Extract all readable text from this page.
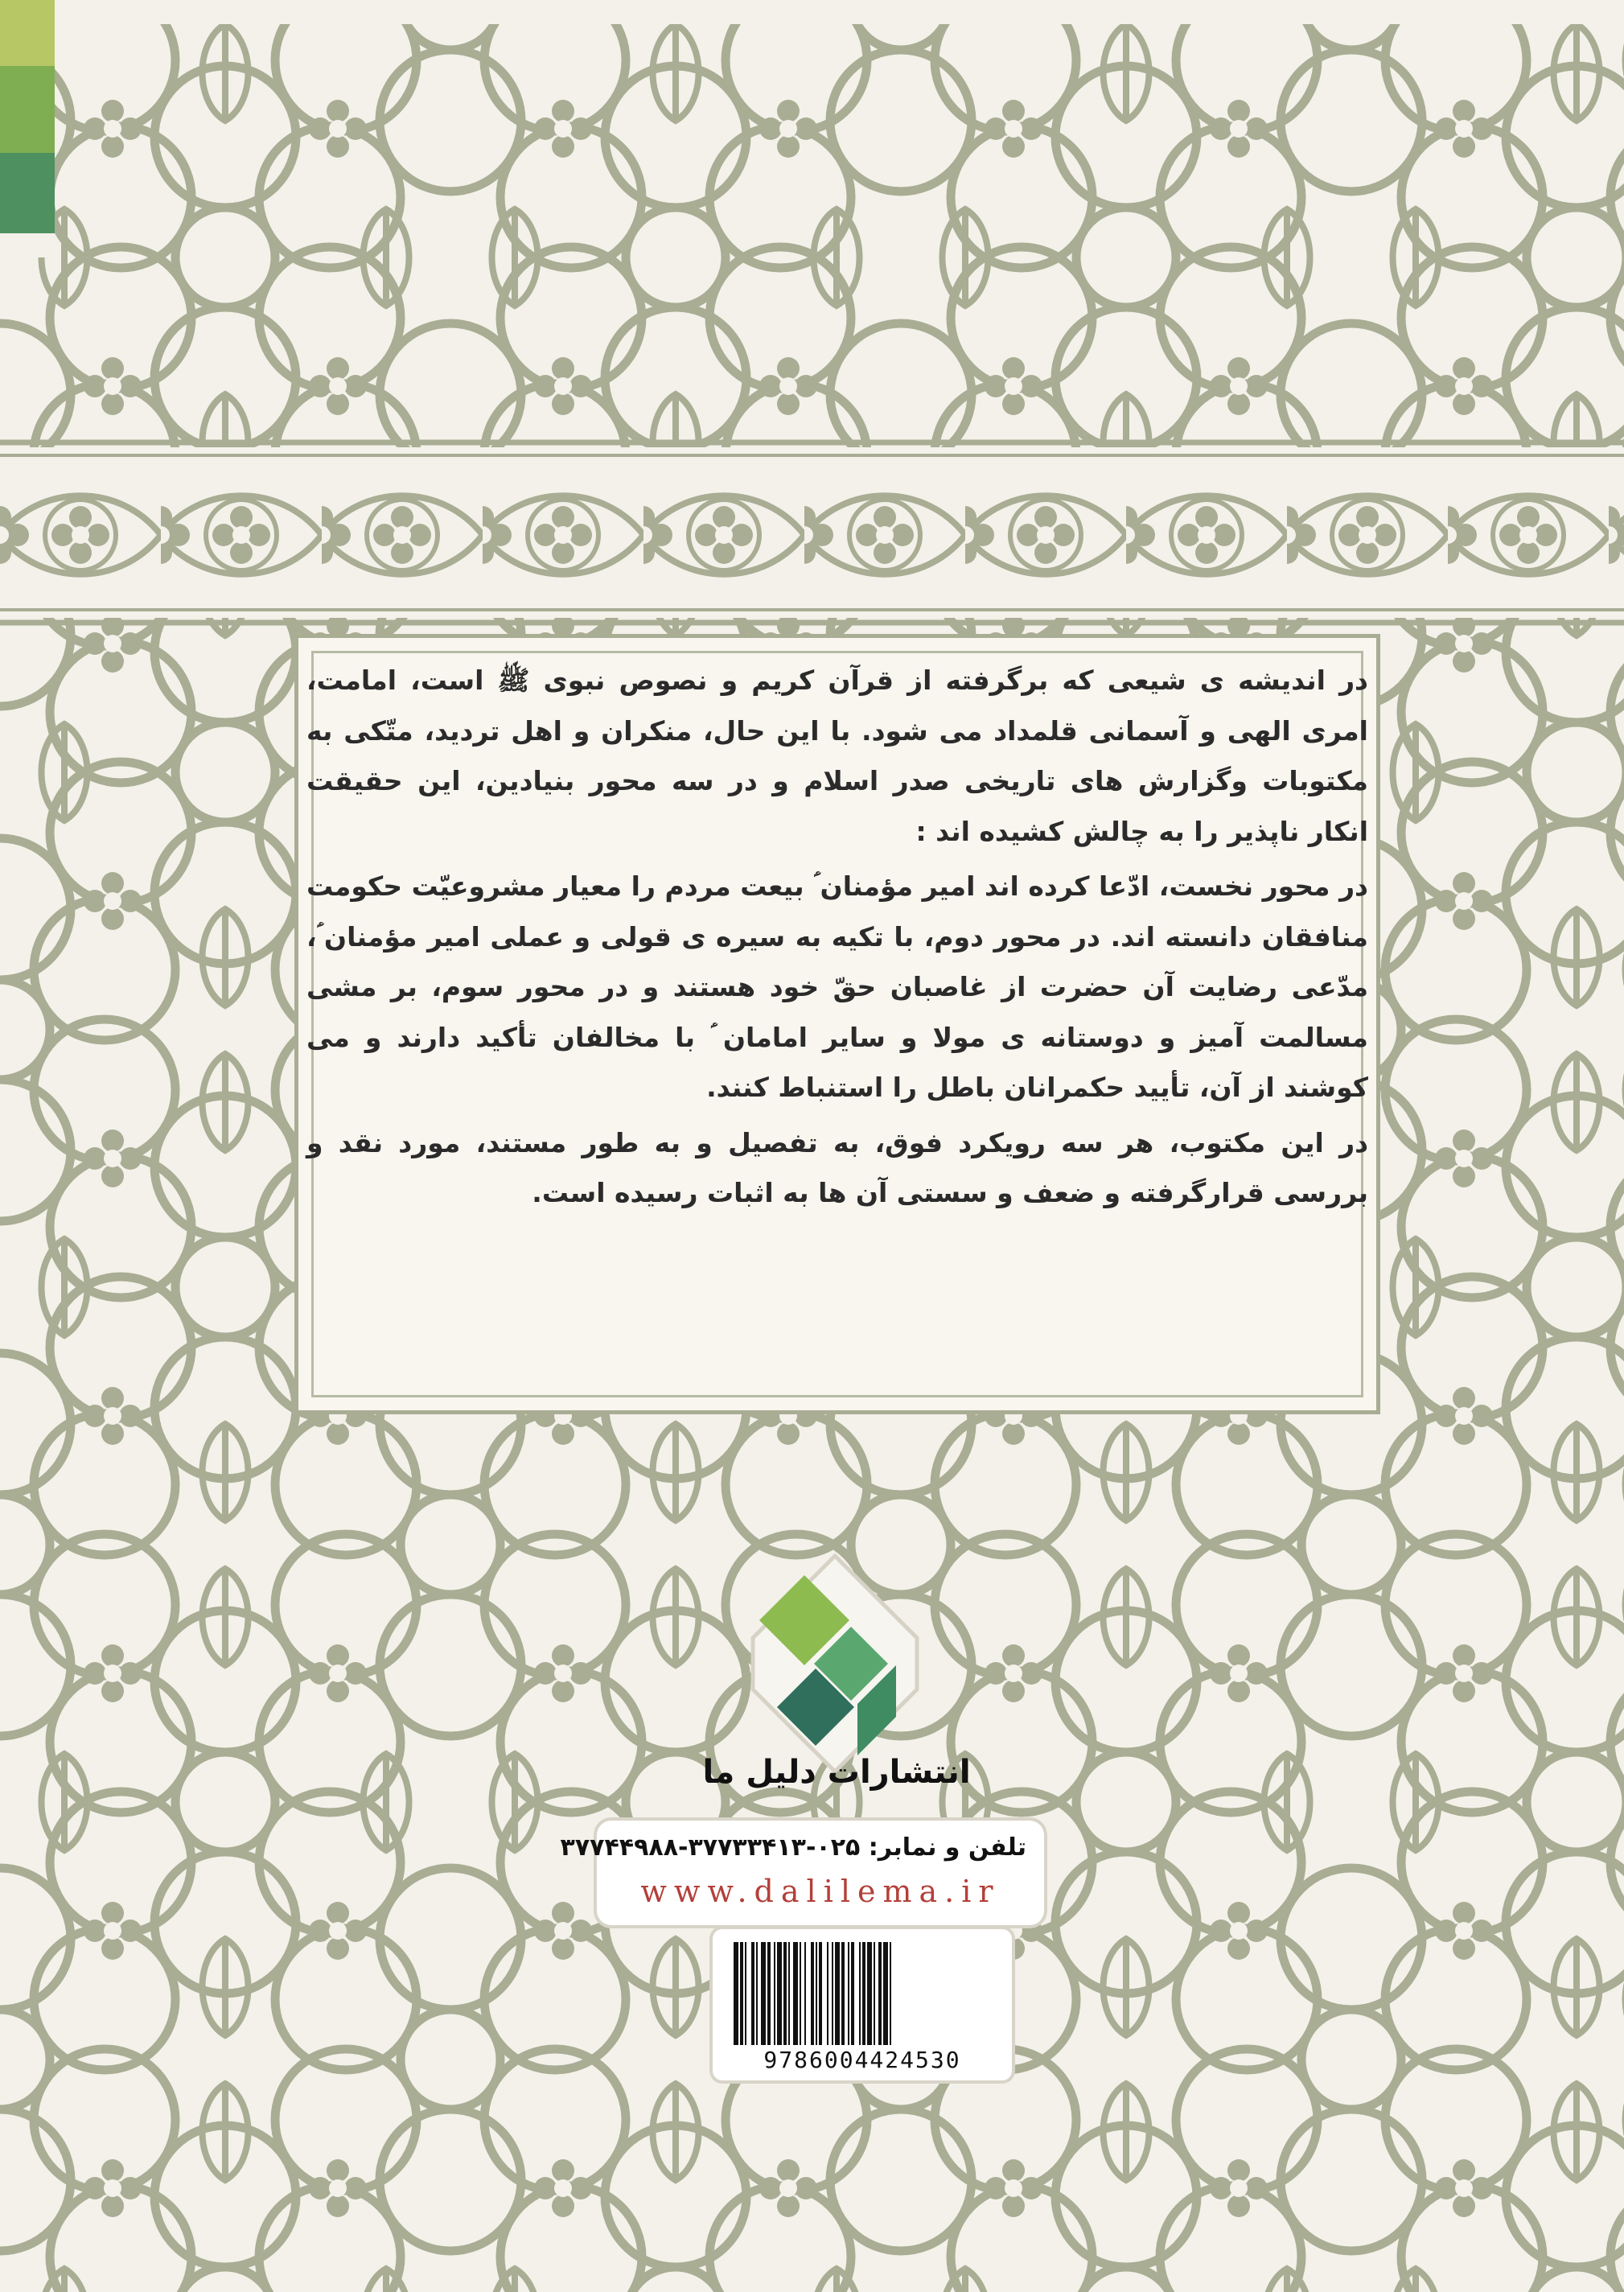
در اندیشه ی شیعی که برگرفته از قرآن کریم و نصوص نبوی ﷺ است، امامت، امری الهی و آسمانی قلمداد می شود. با این حال، منکران و اهل تردید، متّکی به مکتوبات وگزارش های تاریخی صدر اسلام و در سه محور بنیادین، این حقیقت انکار ناپذیر را به چالش کشیده اند :

در محور نخست، ادّعا کرده اند امیر مؤمنان ؑ بیعت مردم را معیار مشروعیّت حکومت منافقان دانسته اند. در محور دوم، با تکیه به سیره ی قولی و عملی امیر مؤمنان ؑ، مدّعی رضایت آن حضرت از غاصبان حقّ خود هستند و در محور سوم، بر مشی مسالمت آمیز و دوستانه ی مولا و سایر امامان ؑ با مخالفان تأکید دارند و می کوشند از آن، تأیید حکمرانان باطل را استنباط کنند.

در این مکتوب، هر سه رویکرد فوق، به تفصیل و به طور مستند، مورد نقد و بررسی قرارگرفته و ضعف و سستی آن ها به اثبات رسیده است.

انتشارات دلیل ما
تلفن و نمابر: ۰۲۵-۳۷۷۳۳۴۱۳-۳۷۷۴۴۹۸۸
www.dalilema.ir
9786004424530
